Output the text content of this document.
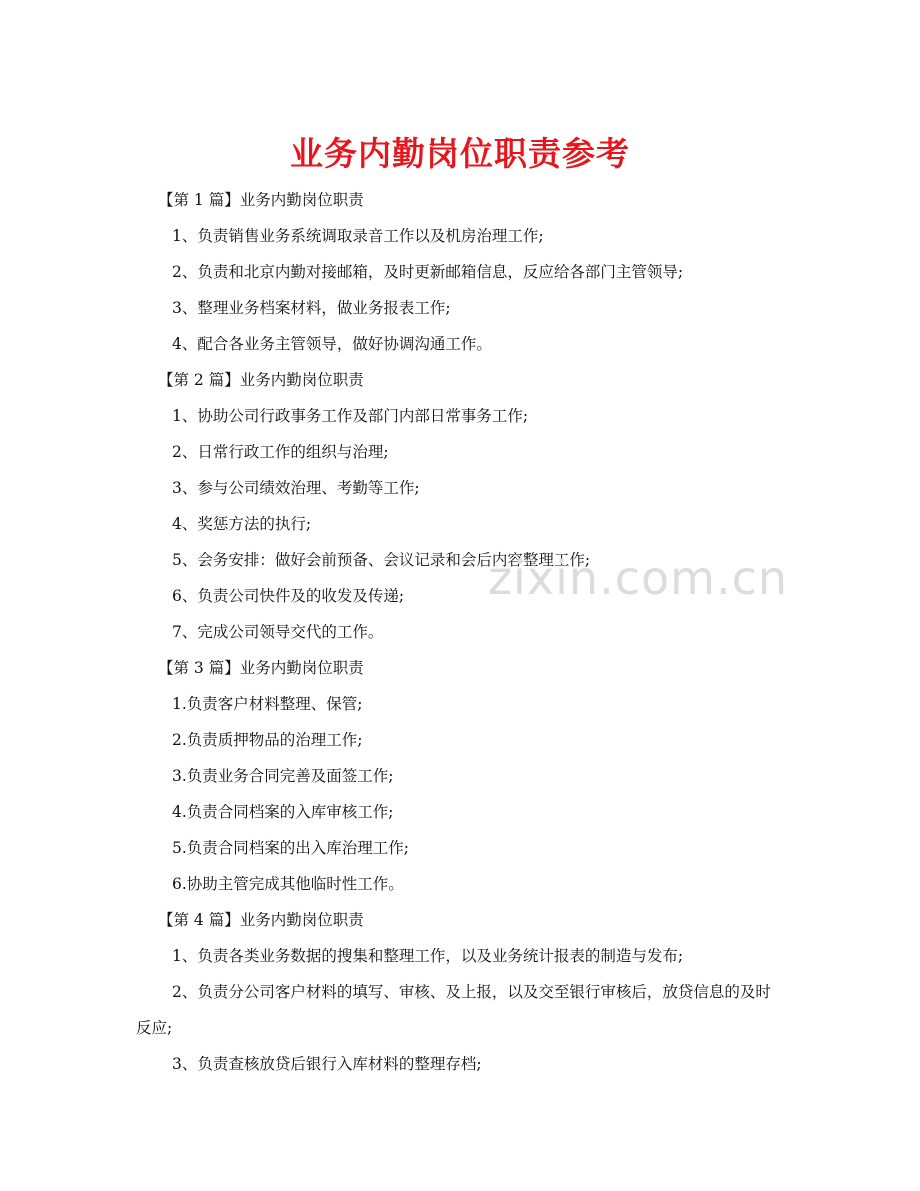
业务内勤岗位职责参考
【第 1 篇】业务内勤岗位职责
1、负责销售业务系统调取录音工作以及机房治理工作;
2、负责和北京内勤对接邮箱，及时更新邮箱信息，反应给各部门主管领导;
3、整理业务档案材料，做业务报表工作;
4、配合各业务主管领导，做好协调沟通工作。
【第 2 篇】业务内勤岗位职责
1、协助公司行政事务工作及部门内部日常事务工作;
2、日常行政工作的组织与治理;
3、参与公司绩效治理、考勤等工作;
4、奖惩方法的执行;
5、会务安排：做好会前预备、会议记录和会后内容整理工作;
6、负责公司快件及的收发及传递;
7、完成公司领导交代的工作。
【第 3 篇】业务内勤岗位职责
1.负责客户材料整理、保管;
2.负责质押物品的治理工作;
3.负责业务合同完善及面签工作;
4.负责合同档案的入库审核工作;
5.负责合同档案的出入库治理工作;
6.协助主管完成其他临时性工作。
【第 4 篇】业务内勤岗位职责
1、负责各类业务数据的搜集和整理工作，以及业务统计报表的制造与发布;
2、负责分公司客户材料的填写、审核、及上报，以及交至银行审核后，放贷信息的及时反应;
3、负责查核放贷后银行入库材料的整理存档;
zixin.com.cn
